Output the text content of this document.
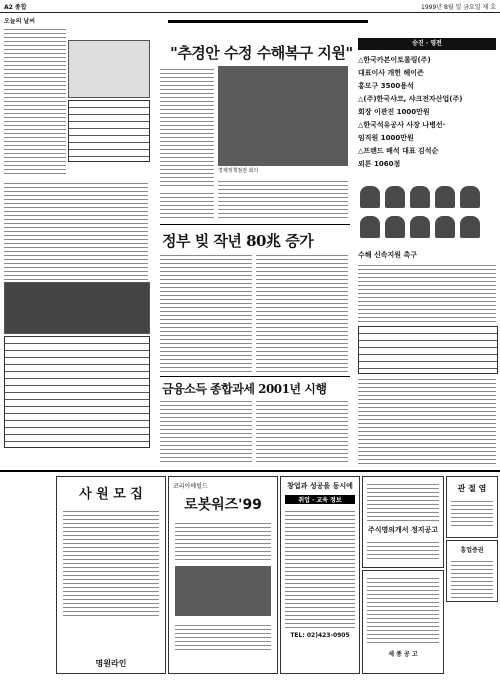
A2 종합	1999년 8월 일 금요일 제 호
오늘의 날씨
"추경안 수정 수해복구 지원"
경제정책점검 회의
승진 · 영전
△한국카본이토롤링(주)
대표이사 개헌 헤이즌
홍모구 3500용석
△(주)한국샤코, 샤크전자산업(주)
회장 이관진 1000만원
△한국석유공사 사장 나병선·
임직원 1000만원
△프랜드 배석 대표 김석순
외튼 1060점
정부 빚 작년 80兆 증가
금융소득 종합과세 2001년 시행
수해 신속지원 촉구
사 원 모 집
명원라인
코리아헤럴드
로봇워즈'99
창업과 성공을 동시에
취업 · 교육 정보
TEL: 02)423-0905
주식명의개서 정지공고
관 절 염
흥업증권
세 종 공 고
